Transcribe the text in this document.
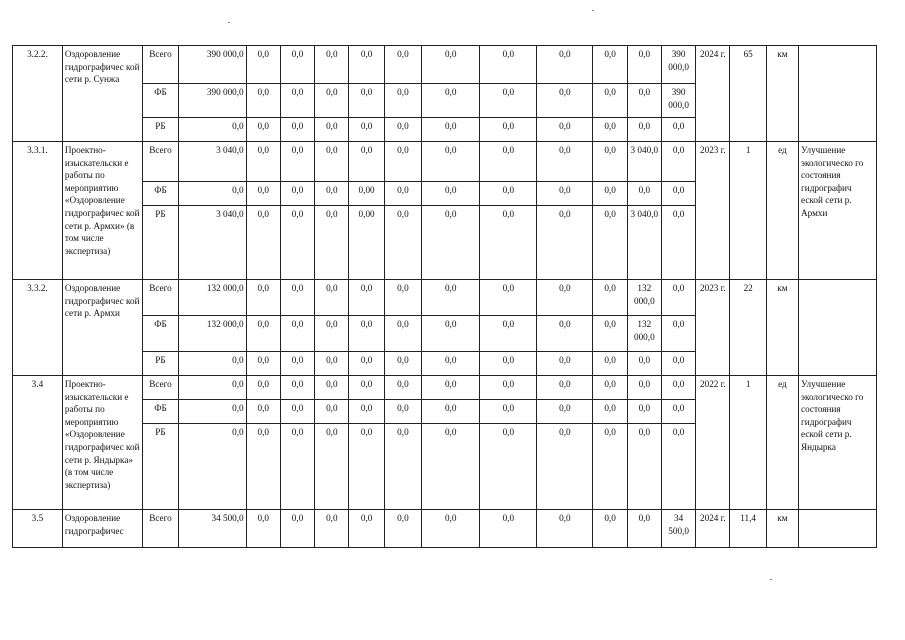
3.2.2.	Оздоровление гидрографичес кой сети р. Сунжа	Всего	390 000,0	0,0	0,0	0,0	0,0	0,0	0,0	0,0	0,0	0,0	0,0	390 000,0	2024 г.	65	км	
		ФБ	390 000,0	0,0	0,0	0,0	0,0	0,0	0,0	0,0	0,0	0,0	0,0	390 000,0				
		РБ	0,0	0,0	0,0	0,0	0,0	0,0	0,0	0,0	0,0	0,0	0,0	0,0				
3.3.1.	Проектно-изыскательски е работы по мероприятию «Оздоровление гидрографичес кой сети р. Армхи» (в том числе экспертиза)	Всего	3 040,0	0,0	0,0	0,0	0,0	0,0	0,0	0,0	0,0	0,0	3 040,0	0,0	2023 г.	1	ед	Улучшение экологическо го состояния гидрографич еской сети р. Армхи
		ФБ	0,0	0,0	0,0	0,0	0,00	0,0	0,0	0,0	0,0	0,0	0,0	0,0				
		РБ	3 040,0	0,0	0,0	0,0	0,00	0,0	0,0	0,0	0,0	0,0	3 040,0	0,0				
3.3.2.	Оздоровление гидрографичес кой сети р. Армхи	Всего	132 000,0	0,0	0,0	0,0	0,0	0,0	0,0	0,0	0,0	0,0	132 000,0	0,0	2023 г.	22	км	
		ФБ	132 000,0	0,0	0,0	0,0	0,0	0,0	0,0	0,0	0,0	0,0	132 000,0	0,0				
		РБ	0,0	0,0	0,0	0,0	0,0	0,0	0,0	0,0	0,0	0,0	0,0	0,0				
3.4	Проектно-изыскательски е работы по мероприятию «Оздоровление гидрографичес кой сети р. Яндырка» (в том числе экспертиза)	Всего	0,0	0,0	0,0	0,0	0,0	0,0	0,0	0,0	0,0	0,0	0,0	0,0	2022 г.	1	ед	Улучшение экологическо го состояния гидрографич еской сети р. Яндырка
		ФБ	0,0	0,0	0,0	0,0	0,0	0,0	0,0	0,0	0,0	0,0	0,0	0,0				
		РБ	0,0	0,0	0,0	0,0	0,0	0,0	0,0	0,0	0,0	0,0	0,0	0,0				
3.5	Оздоровление гидрографичес	Всего	34 500,0	0,0	0,0	0,0	0,0	0,0	0,0	0,0	0,0	0,0	0,0	34 500,0	2024 г.	11,4	км	
